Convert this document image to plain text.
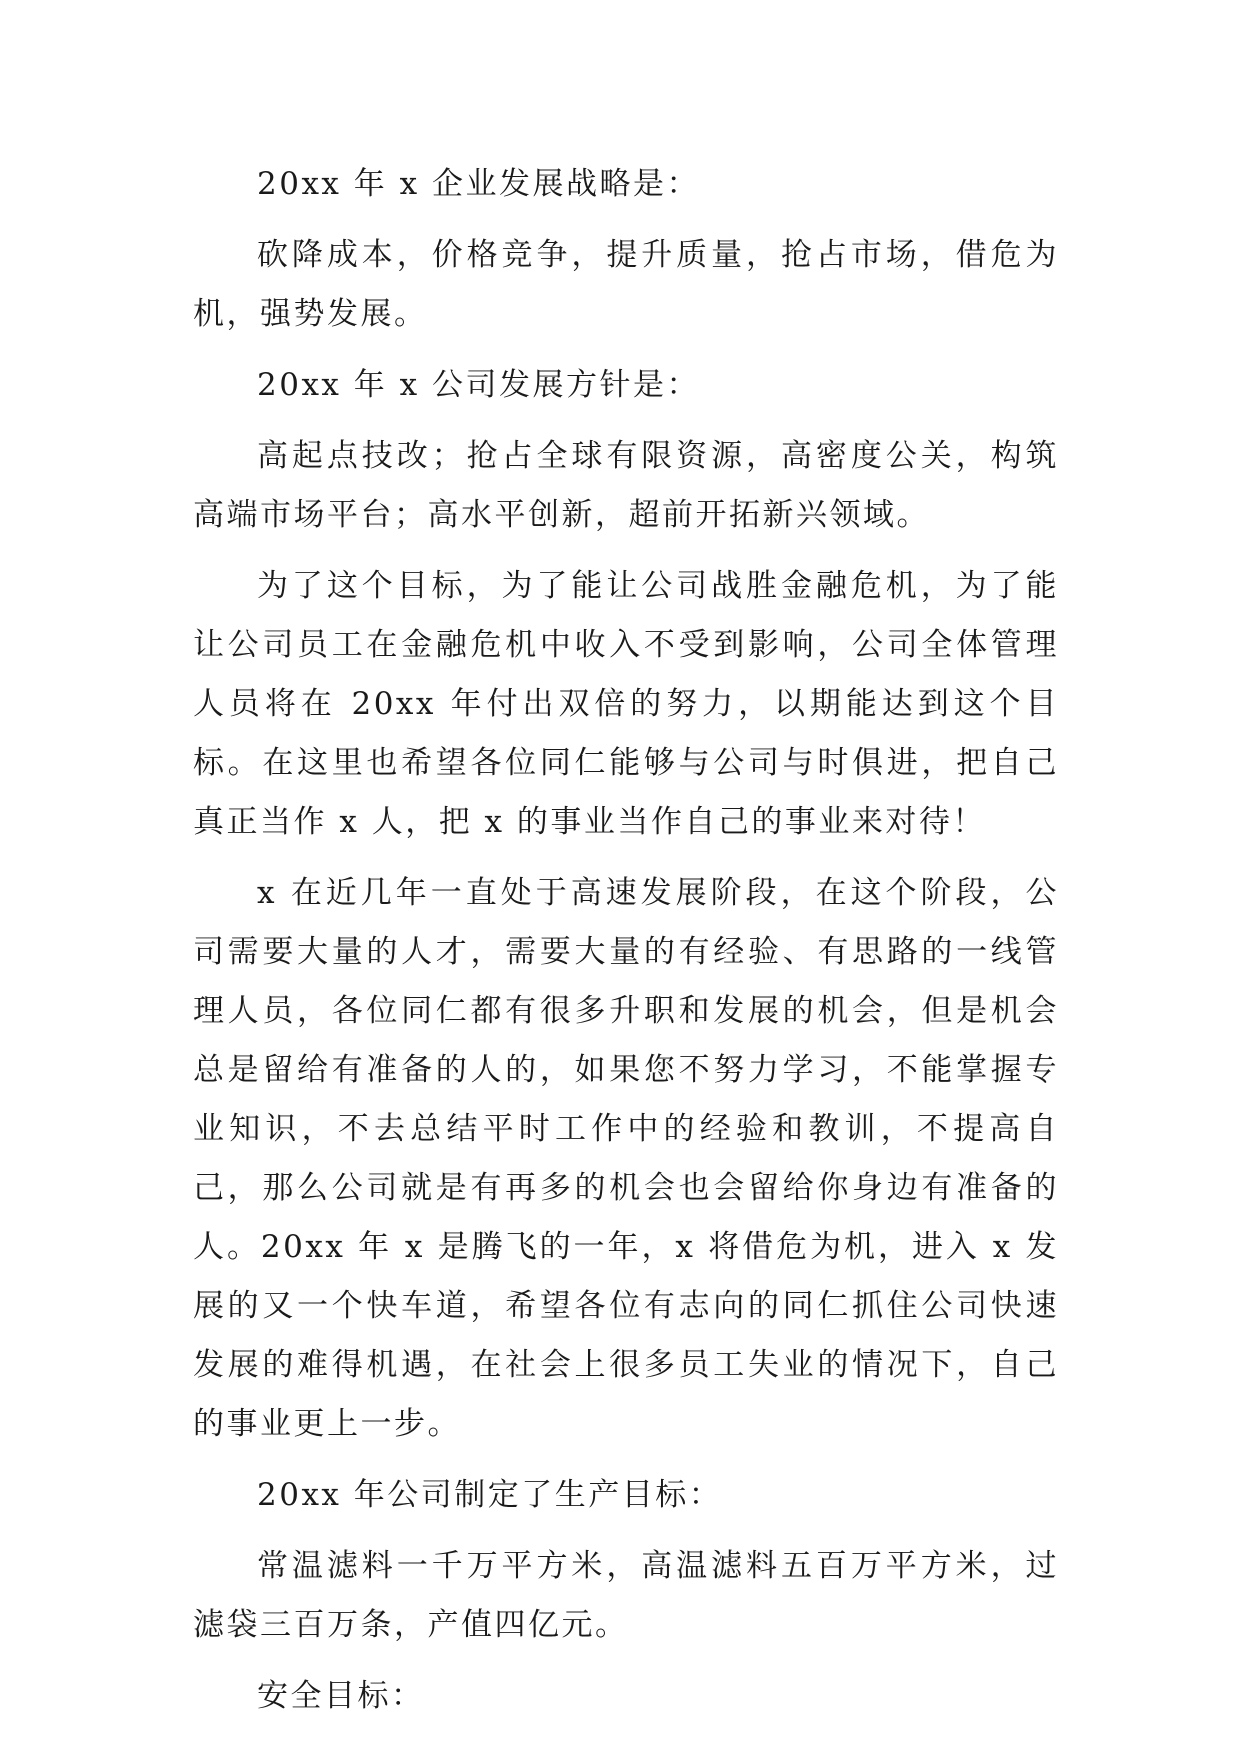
20xx 年 x 企业发展战略是：

砍降成本，价格竞争，提升质量，抢占市场，借危为机，强势发展。

20xx 年 x 公司发展方针是：

高起点技改；抢占全球有限资源，高密度公关，构筑高端市场平台；高水平创新，超前开拓新兴领域。

为了这个目标，为了能让公司战胜金融危机，为了能让公司员工在金融危机中收入不受到影响，公司全体管理人员将在 20xx 年付出双倍的努力，以期能达到这个目标。在这里也希望各位同仁能够与公司与时俱进，把自己真正当作 x 人，把 x 的事业当作自己的事业来对待！

x 在近几年一直处于高速发展阶段，在这个阶段，公司需要大量的人才，需要大量的有经验、有思路的一线管理人员，各位同仁都有很多升职和发展的机会，但是机会总是留给有准备的人的，如果您不努力学习，不能掌握专业知识，不去总结平时工作中的经验和教训，不提高自己，那么公司就是有再多的机会也会留给你身边有准备的人。20xx 年 x 是腾飞的一年，x 将借危为机，进入 x 发展的又一个快车道，希望各位有志向的同仁抓住公司快速发展的难得机遇，在社会上很多员工失业的情况下，自己的事业更上一步。

20xx 年公司制定了生产目标：

常温滤料一千万平方米，高温滤料五百万平方米，过滤袋三百万条，产值四亿元。

安全目标：
